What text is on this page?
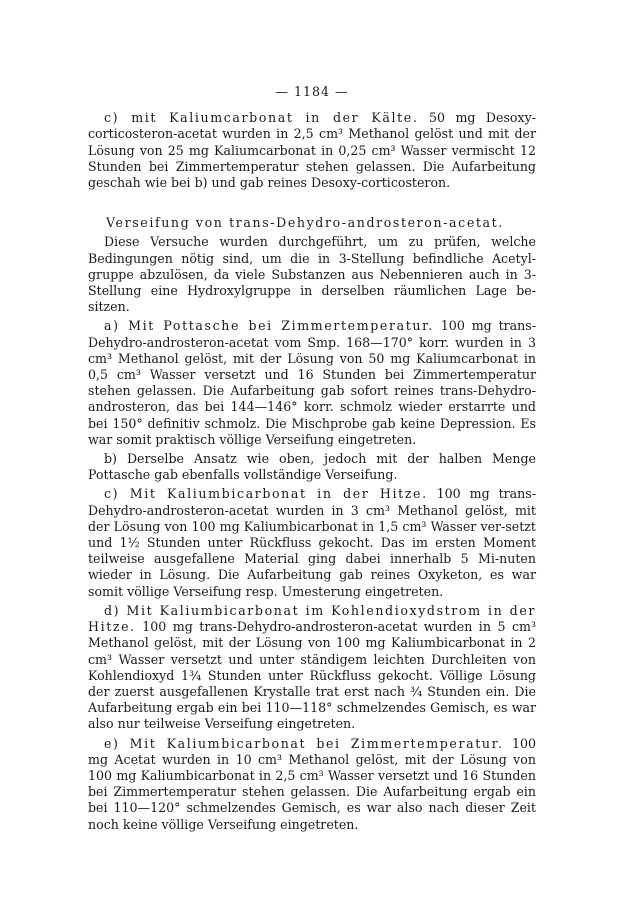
— 1184 —

c) mit Kaliumcarbonat in der Kälte. 50 mg Desoxy-corticosteron-acetat wurden in 2,5 cm³ Methanol gelöst und mit der Lösung von 25 mg Kaliumcarbonat in 0,25 cm³ Wasser vermischt 12 Stunden bei Zimmertemperatur stehen gelassen. Die Aufarbeitung geschah wie bei b) und gab reines Desoxy-corticosteron.

Verseifung von trans-Dehydro-androsteron-acetat.

Diese Versuche wurden durchgeführt, um zu prüfen, welche Bedingungen nötig sind, um die in 3-Stellung befindliche Acetyl-gruppe abzulösen, da viele Substanzen aus Nebennieren auch in 3-Stellung eine Hydroxylgruppe in derselben räumlichen Lage be-sitzen.

a) Mit Pottasche bei Zimmertemperatur. 100 mg trans-Dehydro-androsteron-acetat vom Smp. 168—170° korr. wurden in 3 cm³ Methanol gelöst, mit der Lösung von 50 mg Kaliumcarbonat in 0,5 cm³ Wasser versetzt und 16 Stunden bei Zimmertemperatur stehen gelassen. Die Aufarbeitung gab sofort reines trans-Dehydro-androsteron, das bei 144—146° korr. schmolz wieder erstarrte und bei 150° definitiv schmolz. Die Mischprobe gab keine Depression. Es war somit praktisch völlige Verseifung eingetreten.

b) Derselbe Ansatz wie oben, jedoch mit der halben Menge Pottasche gab ebenfalls vollständige Verseifung.

c) Mit Kaliumbicarbonat in der Hitze. 100 mg trans-Dehydro-androsteron-acetat wurden in 3 cm³ Methanol gelöst, mit der Lösung von 100 mg Kaliumbicarbonat in 1,5 cm³ Wasser ver-setzt und 1½ Stunden unter Rückfluss gekocht. Das im ersten Moment teilweise ausgefallene Material ging dabei innerhalb 5 Mi-nuten wieder in Lösung. Die Aufarbeitung gab reines Oxyketon, es war somit völlige Verseifung resp. Umesterung eingetreten.

d) Mit Kaliumbicarbonat im Kohlendioxydstrom in der Hitze. 100 mg trans-Dehydro-androsteron-acetat wurden in 5 cm³ Methanol gelöst, mit der Lösung von 100 mg Kaliumbicarbonat in 2 cm³ Wasser versetzt und unter ständigem leichten Durchleiten von Kohlendioxyd 1¾ Stunden unter Rückfluss gekocht. Völlige Lösung der zuerst ausgefallenen Krystalle trat erst nach ¾ Stunden ein. Die Aufarbeitung ergab ein bei 110—118° schmelzendes Gemisch, es war also nur teilweise Verseifung eingetreten.

e) Mit Kaliumbicarbonat bei Zimmertemperatur. 100 mg Acetat wurden in 10 cm³ Methanol gelöst, mit der Lösung von 100 mg Kaliumbicarbonat in 2,5 cm³ Wasser versetzt und 16 Stunden bei Zimmertemperatur stehen gelassen. Die Aufarbeitung ergab ein bei 110—120° schmelzendes Gemisch, es war also nach dieser Zeit noch keine völlige Verseifung eingetreten.
